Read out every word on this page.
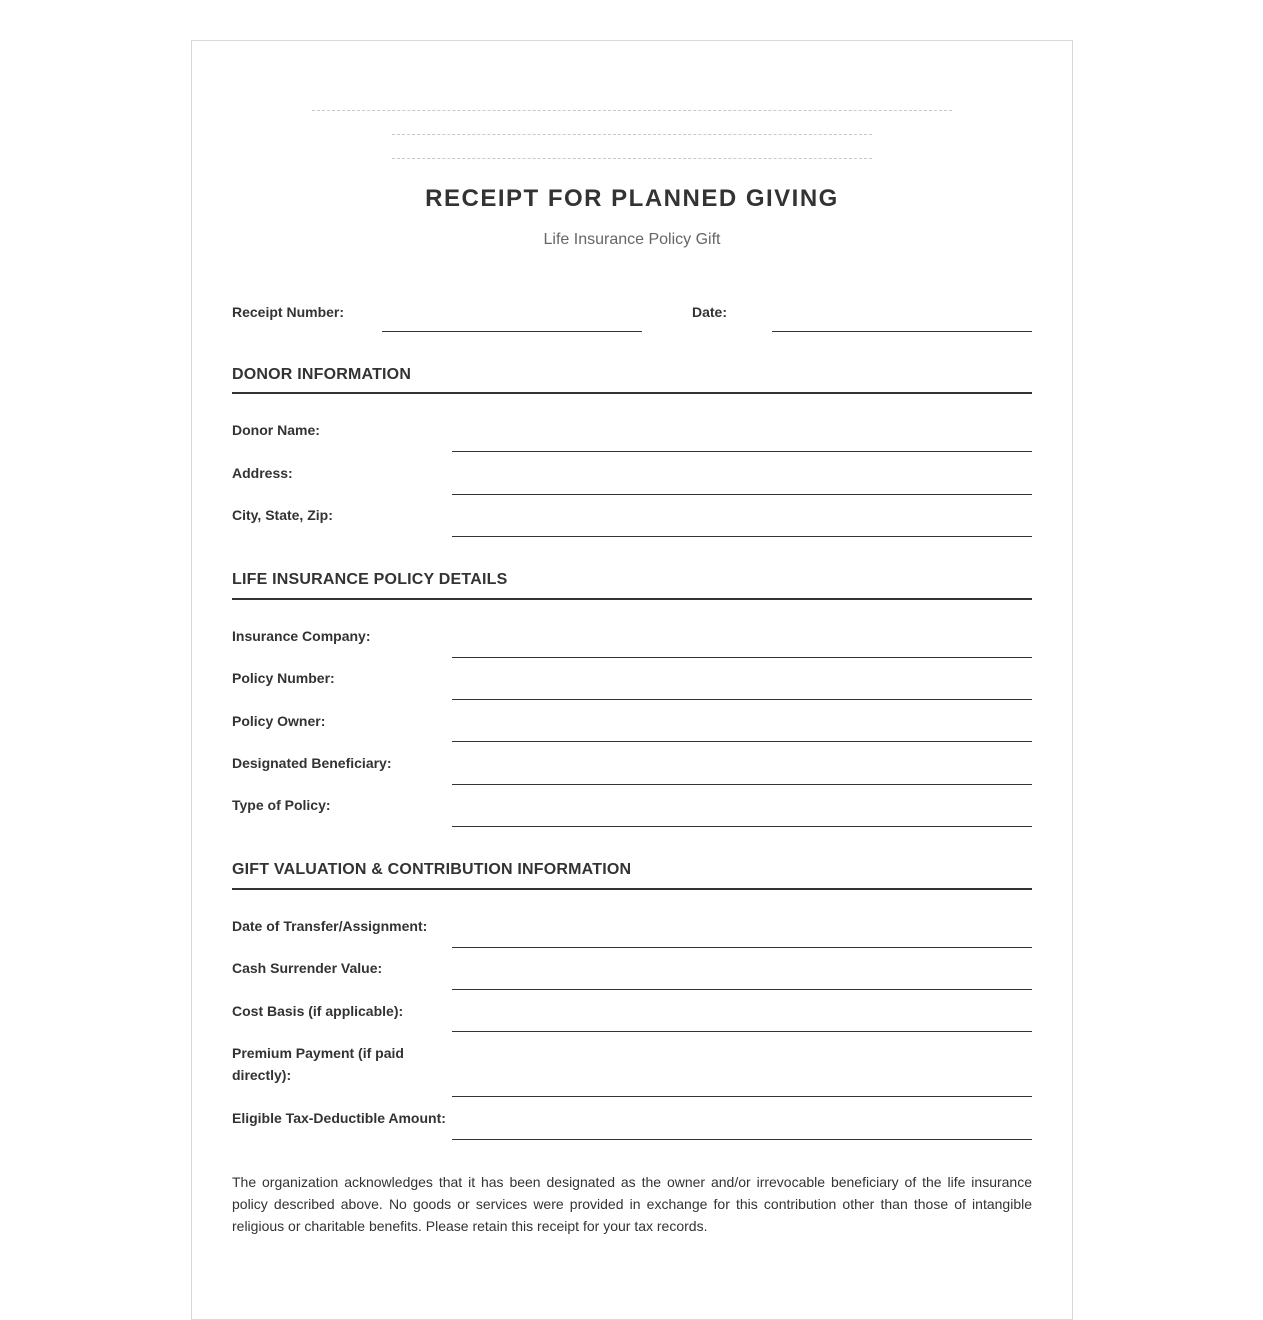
RECEIPT FOR PLANNED GIVING
Life Insurance Policy Gift
Receipt Number:	Date:
DONOR INFORMATION
Donor Name:
Address:
City, State, Zip:
LIFE INSURANCE POLICY DETAILS
Insurance Company:
Policy Number:
Policy Owner:
Designated Beneficiary:
Type of Policy:
GIFT VALUATION & CONTRIBUTION INFORMATION
Date of Transfer/Assignment:
Cash Surrender Value:
Cost Basis (if applicable):
Premium Payment (if paid directly):
Eligible Tax-Deductible Amount:
The organization acknowledges that it has been designated as the owner and/or irrevocable beneficiary of the life insurance policy described above. No goods or services were provided in exchange for this contribution other than those of intangible religious or charitable benefits. Please retain this receipt for your tax records.
